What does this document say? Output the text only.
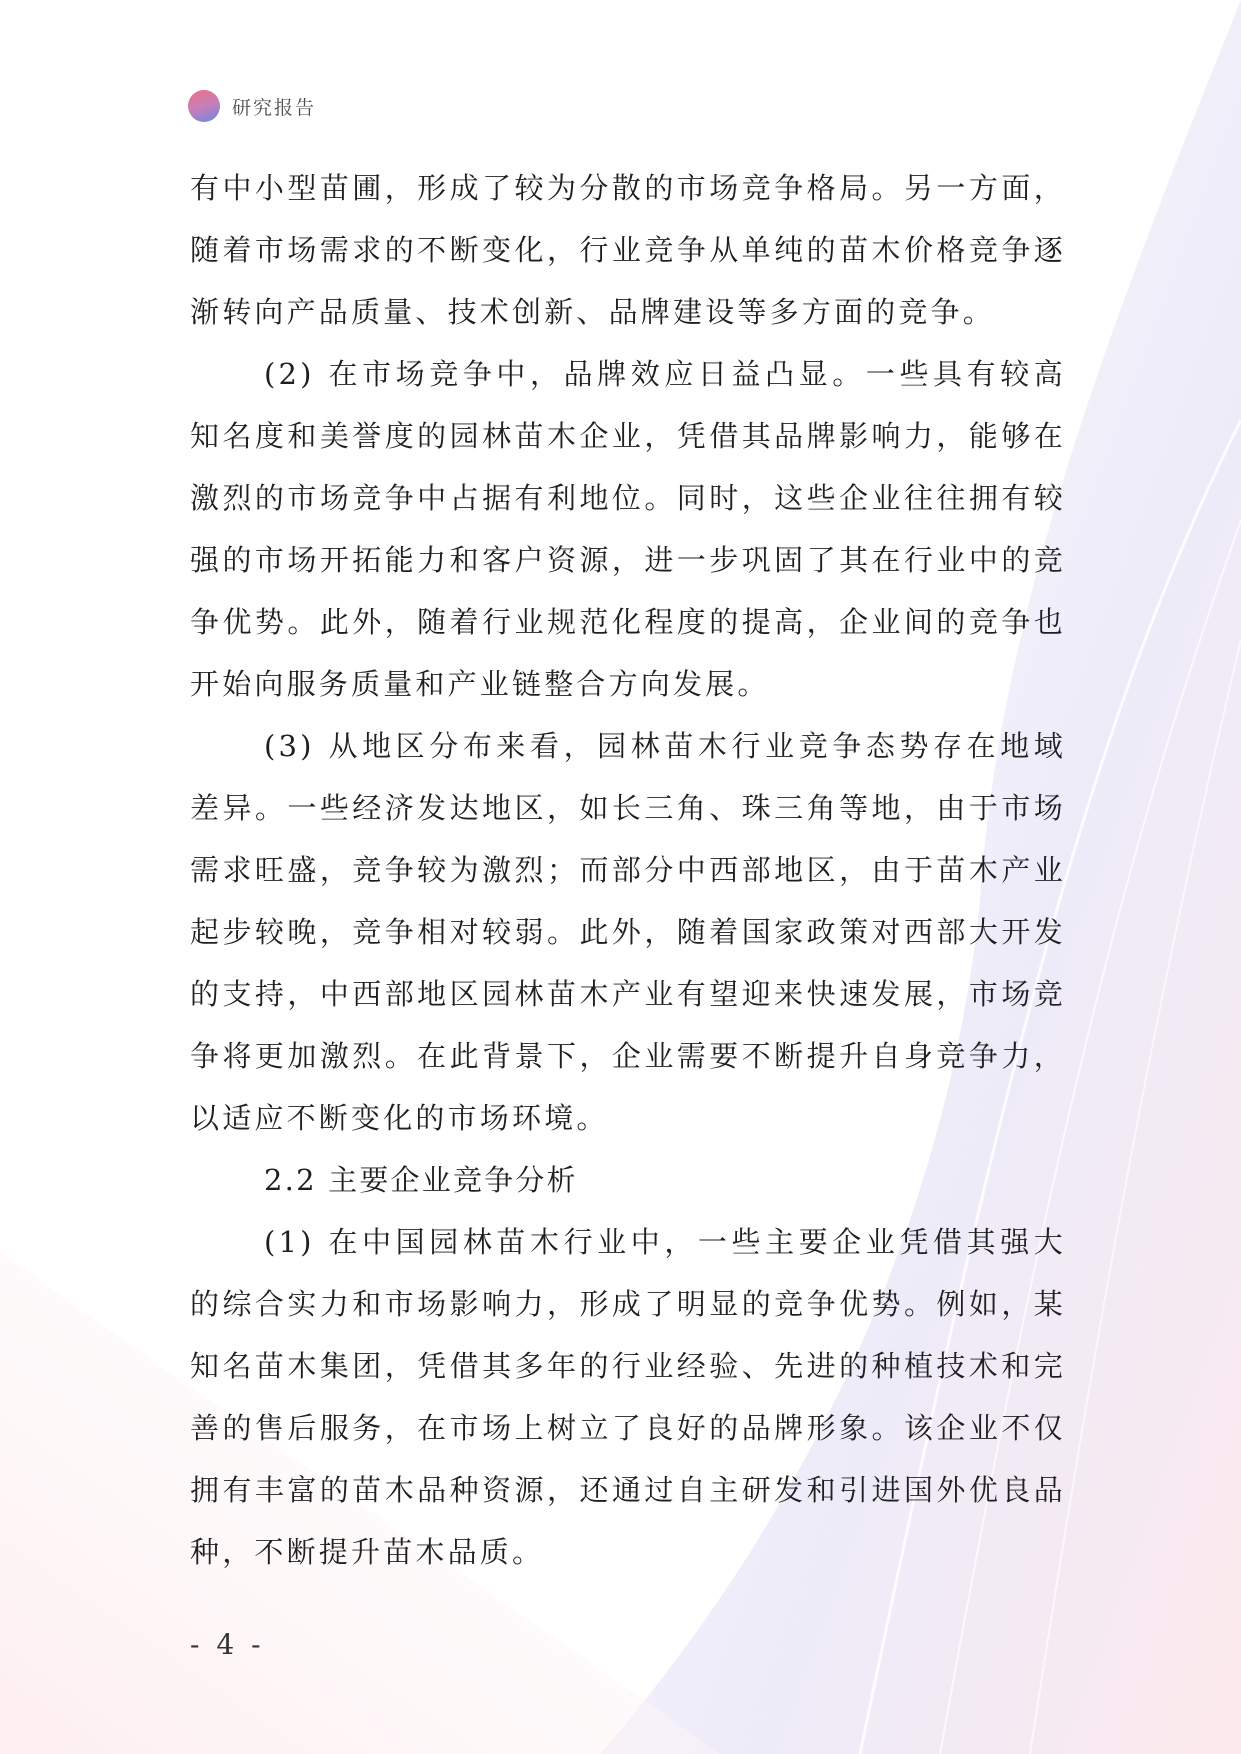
研究报告

有中小型苗圃，形成了较为分散的市场竞争格局。另一方面，随着市场需求的不断变化，行业竞争从单纯的苗木价格竞争逐渐转向产品质量、技术创新、品牌建设等多方面的竞争。

(2) 在市场竞争中，品牌效应日益凸显。一些具有较高知名度和美誉度的园林苗木企业，凭借其品牌影响力，能够在激烈的市场竞争中占据有利地位。同时，这些企业往往拥有较强的市场开拓能力和客户资源，进一步巩固了其在行业中的竞争优势。此外，随着行业规范化程度的提高，企业间的竞争也开始向服务质量和产业链整合方向发展。

(3) 从地区分布来看，园林苗木行业竞争态势存在地域差异。一些经济发达地区，如长三角、珠三角等地，由于市场需求旺盛，竞争较为激烈；而部分中西部地区，由于苗木产业起步较晚，竞争相对较弱。此外，随着国家政策对西部大开发的支持，中西部地区园林苗木产业有望迎来快速发展，市场竞争将更加激烈。在此背景下，企业需要不断提升自身竞争力，以适应不断变化的市场环境。

2.2 主要企业竞争分析

(1) 在中国园林苗木行业中，一些主要企业凭借其强大的综合实力和市场影响力，形成了明显的竞争优势。例如，某知名苗木集团，凭借其多年的行业经验、先进的种植技术和完善的售后服务，在市场上树立了良好的品牌形象。该企业不仅拥有丰富的苗木品种资源，还通过自主研发和引进国外优良品种，不断提升苗木品质。

- 4 -
